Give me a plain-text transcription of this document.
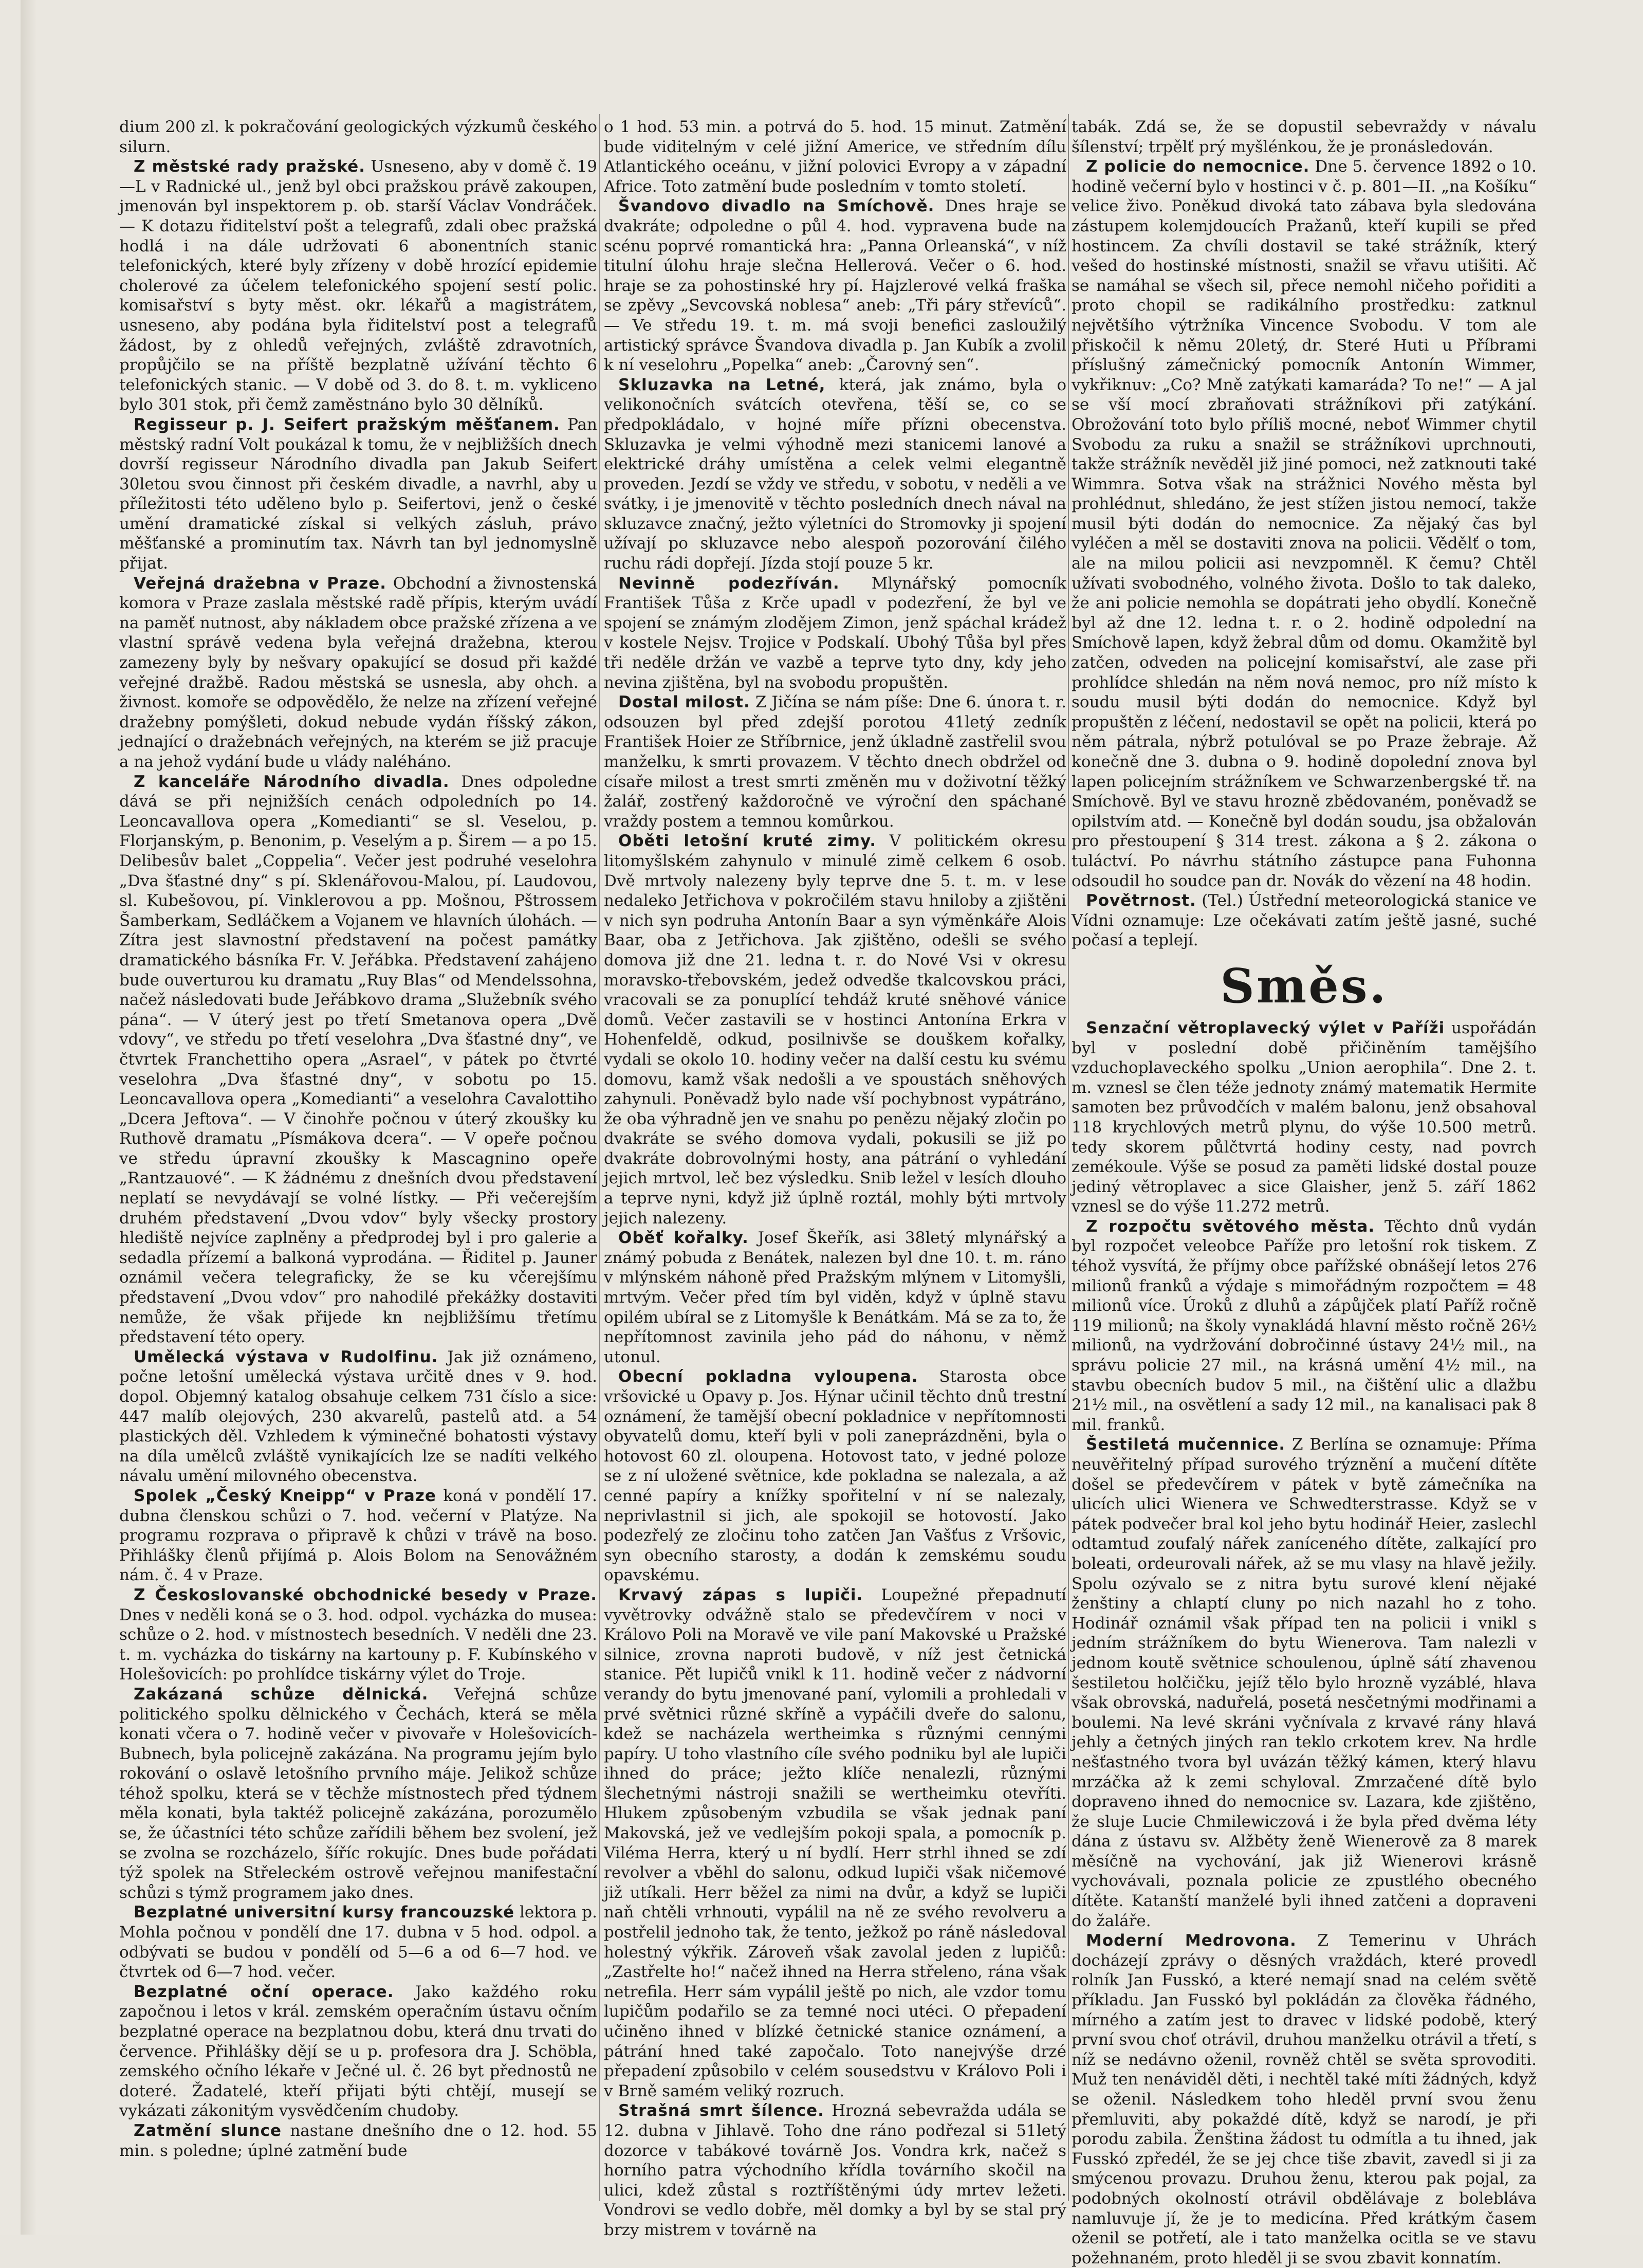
dium 200 zl. k pokračování geologických výzkumů českého silurn.

Z městské rady pražské. Usneseno, aby v domě č. 19—L v Radnické ul., jenž byl obci pražskou právě zakoupen, jmenován byl inspektorem p. ob. starší Václav Vondráček. — K dotazu řiditelství pošt a telegrafů, zdali obec pražská hodlá i na dále udržovati 6 abonentních stanic telefonických, které byly zřízeny v době hrozící epidemie cholerové za účelem telefonického spojení sestí polic. komisařství s byty měst. okr. lékařů a magistrátem, usneseno, aby podána byla řiditelství post a telegrafů žádost, by z ohledů veřejných, zvláště zdravotních, propůjčilo se na příště bezplatně užívání těchto 6 telefonických stanic. — V době od 3. do 8. t. m. vykliceno bylo 301 stok, při čemž zaměstnáno bylo 30 dělníků.

Regisseur p. J. Seifert pražským měšťanem. Pan městský radní Volt poukázal k tomu, že v nejbližších dnech dovrší regisseur Národního divadla pan Jakub Seifert 30letou svou činnost při českém divadle, a navrhl, aby u příležitosti této uděleno bylo p. Seifertovi, jenž o české umění dramatické získal si velkých zásluh, právo měšťanské a prominutím tax. Návrh tan byl jednomyslně přijat.

Veřejná dražebna v Praze. Obchodní a živnostenská komora v Praze zaslala městské radě přípis, kterým uvádí na paměť nutnost, aby nákladem obce pražské zřízena a ve vlastní správě vedena byla veřejná dražebna, kterou zamezeny byly by nešvary opakující se dosud při každé veřejné dražbě. Radou městská se usnesla, aby ohch. a živnost. komoře se odpovědělo, že nelze na zřízení veřejné dražebny pomýšleti, dokud nebude vydán říšský zákon, jednající o dražebnách veřejných, na kterém se již pracuje a na jehož vydání bude u vlády naléháno.

Z kanceláře Národního divadla. Dnes odpoledne dává se při nejnižších cenách odpoledních po 14. Leoncavallova opera „Komedianti“ se sl. Veselou, p. Florjanským, p. Benonim, p. Veselým a p. Širem — a po 15. Delibesův balet „Coppelia“. Večer jest podruhé veselohra „Dva šťastné dny“ s pí. Sklenářovou-Malou, pí. Laudovou, sl. Kubešovou, pí. Vinklerovou a pp. Mošnou, Pštrossem Šamberkam, Sedláčkem a Vojanem ve hlavních úlohách. — Zítra jest slavnostní představení na počest památky dramatického básníka Fr. V. Jeřábka. Představení zahájeno bude ouverturou ku dramatu „Ruy Blas“ od Mendelssohna, načež následovati bude Jeřábkovo drama „Služebník svého pána“. — V úterý jest po třetí Smetanova opera „Dvě vdovy“, ve středu po třetí veselohra „Dva šťastné dny“, ve čtvrtek Franchettiho opera „Asrael“, v pátek po čtvrté veselohra „Dva šťastné dny“, v sobotu po 15. Leoncavallova opera „Komedianti“ a veselohra Cavalottiho „Dcera Jeftova“. — V činohře počnou v úterý zkoušky ku Ruthově dramatu „Písmákova dcera“. — V opeře počnou ve středu úpravní zkoušky k Mascagnino opeře „Rantzauové“. — K žádnému z dnešních dvou představení neplatí se nevydávají se volné lístky. — Při večerejším druhém představení „Dvou vdov“ byly všecky prostory hlediště nejvíce zaplněny a předprodej byl i pro galerie a sedadla přízemí a balkoná vyprodána. — Řiditel p. Jauner oznámil večera telegraficky, že se ku včerejšímu představení „Dvou vdov“ pro nahodilé překážky dostaviti nemůže, že však přijede kn nejbližšímu třetímu představení této opery.

Umělecká výstava v Rudolfinu. Jak již oznámeno, počne letošní umělecká výstava určitě dnes v 9. hod. dopol. Objemný katalog obsahuje celkem 731 číslo a sice: 447 malíb olejových, 230 akvarelů, pastelů atd. a 54 plastických děl. Vzhledem k výminečné bohatosti výstavy na díla umělců zvláště vynikajících lze se nadíti velkého návalu umění milovného obecenstva.

Spolek „Český Kneipp“ v Praze koná v pondělí 17. dubna členskou schůzi o 7. hod. večerní v Platýze. Na programu rozprava o připravě k chůzi v trávě na boso. Přihlášky členů přijímá p. Alois Bolom na Senovážném nám. č. 4 v Praze.

Z Českoslovanské obchodnické besedy v Praze. Dnes v neděli koná se o 3. hod. odpol. vycházka do musea: schůze o 2. hod. v místnostech besedních. V neděli dne 23. t. m. vycházka do tiskárny na kartouny p. F. Kubínského v Holešovicích: po prohlídce tiskárny výlet do Troje.

Zakázaná schůze dělnická. Veřejná schůze politického spolku dělnického v Čechách, která se měla konati včera o 7. hodině večer v pivovaře v Holešovicích-Bubnech, byla policejně zakázána. Na programu jejím bylo rokování o oslavě letošního prvního máje. Jelikož schůze téhož spolku, která se v těchže místnostech před týdnem měla konati, byla taktéž policejně zakázána, porozumělo se, že účastníci této schůze zařídili během bez svolení, jež se zvolna se rozcházelo, šíříc rokujíc. Dnes bude pořádati týž spolek na Střeleckém ostrově veřejnou manifestační schůzi s týmž programem jako dnes.

Bezplatné universitní kursy francouzské lektora p. Mohla počnou v pondělí dne 17. dubna v 5 hod. odpol. a odbývati se budou v pondělí od 5—6 a od 6—7 hod. ve čtvrtek od 6—7 hod. večer.

Bezplatné oční operace. Jako každého roku započnou i letos v král. zemském operačním ústavu očním bezplatné operace na bezplatnou dobu, která dnu trvati do července. Přihlášky dějí se u p. profesora dra J. Schöbla, zemského očního lékaře v Ječné ul. č. 26 byt přednostů ne doteré. Žadatelé, kteří přijati býti chtějí, musejí se vykázati zákonitým vysvědčením chudoby.

Zatmění slunce nastane dnešního dne o 12. hod. 55 min. s poledne; úplné zatmění bude

o 1 hod. 53 min. a potrvá do 5. hod. 15 minut. Zatmění bude viditelným v celé jižní Americe, ve středním dílu Atlantického oceánu, v jižní polovici Evropy a v západní Africe. Toto zatmění bude posledním v tomto století.

Švandovo divadlo na Smíchově. Dnes hraje se dvakráte; odpoledne o půl 4. hod. vypravena bude na scénu poprvé romantická hra: „Panna Orleanská“, v níž titulní úlohu hraje slečna Hellerová. Večer o 6. hod. hraje se za pohostinské hry pí. Hajzlerové velká fraška se zpěvy „Sevcovská noblesa“ aneb: „Tři páry střevíců“. — Ve středu 19. t. m. má svoji benefici zasloužilý artistický správce Švandova divadla p. Jan Kubík a zvolil k ní veselohru „Popelka“ aneb: „Čarovný sen“.

Skluzavka na Letné, která, jak známo, byla o velikonočních svátcích otevřena, těší se, co se předpokládalo, v hojné míře přízni obecenstva. Skluzavka je velmi výhodně mezi stanicemi lanové a elektrické dráhy umístěna a celek velmi elegantně proveden. Jezdí se vždy ve středu, v sobotu, v neděli a ve svátky, i je jmenovitě v těchto posledních dnech nával na skluzavce značný, ježto výletníci do Stromovky ji spojení užívají po skluzavce nebo alespoň pozorování čilého ruchu rádi dopřejí. Jízda stojí pouze 5 kr.

Nevinně podezříván. Mlynářský pomocník František Tůša z Krče upadl v podezření, že byl ve spojení se známým zlodějem Zimon, jenž spáchal krádež v kostele Nejsv. Trojice v Podskalí. Ubohý Tůša byl přes tři neděle držán ve vazbě a teprve tyto dny, kdy jeho nevina zjištěna, byl na svobodu propuštěn.

Dostal milost. Z Jičína se nám píše: Dne 6. února t. r. odsouzen byl před zdejší porotou 41letý zedník František Hoier ze Stříbrnice, jenž úkladně zastřelil svou manželku, k smrti provazem. V těchto dnech obdržel od císaře milost a trest smrti změněn mu v doživotní těžký žalář, zostřený každoročně ve výroční den spáchané vraždy postem a temnou komůrkou.

Oběti letošní kruté zimy. V politickém okresu litomyšlském zahynulo v minulé zimě celkem 6 osob. Dvě mrtvoly nalezeny byly teprve dne 5. t. m. v lese nedaleko Jetřichova v pokročilém stavu hniloby a zjištěni v nich syn podruha Antonín Baar a syn výměnkáře Alois Baar, oba z Jetřichova. Jak zjištěno, odešli se svého domova již dne 21. ledna t. r. do Nové Vsi v okresu moravsko-třebovském, jedež odvedše tkalcovskou práci, vracovali se za ponuplící tehdáž kruté sněhové vánice domů. Večer zastavili se v hostinci Antonína Erkra v Hohenfeldě, odkud, posilnivše se douškem kořalky, vydali se okolo 10. hodiny večer na další cestu ku svému domovu, kamž však nedošli a ve spoustách sněhových zahynuli. Poněvadž bylo nade vší pochybnost vypátráno, že oba výhradně jen ve snahu po penězu nějaký zločin po dvakráte se svého domova vydali, pokusili se již po dvakráte dobrovolnými hosty, ana pátrání o vyhledání jejich mrtvol, leč bez výsledku. Snib ležel v lesích dlouho a teprve nyni, když již úplně roztál, mohly býti mrtvoly jejich nalezeny.

Oběť kořalky. Josef Škeřík, asi 38letý mlynářský a známý pobuda z Benátek, nalezen byl dne 10. t. m. ráno v mlýnském náhoně před Pražským mlýnem v Litomyšli, mrtvým. Večer před tím byl viděn, když v úplně stavu opilém ubíral se z Litomyšle k Benátkám. Má se za to, že nepřítomnost zavinila jeho pád do náhonu, v němž utonul.

Obecní pokladna vyloupena. Starosta obce vršovické u Opavy p. Jos. Hýnar učinil těchto dnů trestní oznámení, že tamější obecní pokladnice v nepřítomnosti obyvatelů domu, kteří byli v poli zaneprázdněni, byla o hotovost 60 zl. oloupena. Hotovost tato, v jedné poloze se z ní uložené světnice, kde pokladna se nalezala, a až cenné papíry a knížky spořitelní v ní se nalezaly, neprivlastnil si jich, ale spokojil se hotovostí. Jako podezřelý ze zločinu toho zatčen Jan Vašťus z Vršovic, syn obecního starosty, a dodán k zemskému soudu opavskému.

Krvavý zápas s lupiči. Loupežné přepadnutí vyvětrovky odvážně stalo se předevčírem v noci v Královo Poli na Moravě ve vile paní Makovské u Pražské silnice, zrovna naproti budově, v níž jest četnická stanice. Pět lupičů vnikl k 11. hodině večer z nádvorní verandy do bytu jmenované paní, vylomili a prohledali v prvé světnici různé skříně a vypáčili dveře do salonu, kdež se nacházela wertheimka s různými cennými papíry. U toho vlastního cíle svého podniku byl ale lupiči ihned do práce; ježto klíče nenalezli, různými šlechetnými nástroji snažili se wertheimku otevříti. Hlukem způsobeným vzbudila se však jednak paní Makovská, jež ve vedlejším pokoji spala, a pomocník p. Viléma Herra, který u ní bydlí. Herr strhl ihned se zdí revolver a vběhl do salonu, odkud lupiči však ničemové již utíkali. Herr běžel za nimi na dvůr, a když se lupiči naň chtěli vrhnouti, vypálil na ně ze svého revolveru a postřelil jednoho tak, že tento, ježkož po ráně následoval holestný výkřik. Zároveň však zavolal jeden z lupičů: „Zastřelte ho!“ načež ihned na Herra střeleno, rána však netrefila. Herr sám vypálil ještě po nich, ale vzdor tomu lupičům podařilo se za temné noci utéci. O přepadení učiněno ihned v blízké četnické stanice oznámení, a pátrání hned také započalo. Toto nanejvýše drzé přepadení způsobilo v celém sousedstvu v Královo Poli i v Brně samém veliký rozruch.

Strašná smrt šílence. Hrozná sebevražda udála se 12. dubna v Jihlavě. Toho dne ráno podřezal si 51letý dozorce v tabákové továrně Jos. Vondra krk, načež s horního patra východního křídla továrního skočil na ulici, kdež zůstal s roztříštěnými údy mrtev ležeti. Vondrovi se vedlo dobře, měl domky a byl by se stal prý brzy mistrem v továrně na

tabák. Zdá se, že se dopustil sebevraždy v návalu šílenství; trpělť prý myšlénkou, že je pronásledován.

Z policie do nemocnice. Dne 5. července 1892 o 10. hodině večerní bylo v hostinci v č. p. 801—II. „na Košíku“ velice živo. Poněkud divoká tato zábava byla sledována zástupem kolemjdoucích Pražanů, kteří kupili se před hostincem. Za chvíli dostavil se také strážník, který vešed do hostinské místnosti, snažil se vřavu utišiti. Ač se namáhal se všech sil, přece nemohl ničeho pořiditi a proto chopil se radikálního prostředku: zatknul největšího výtržníka Vincence Svobodu. V tom ale přiskočil k němu 20letý, dr. Steré Huti u Příbrami příslušný zámečnický pomocník Antonín Wimmer, vykřiknuv: „Co? Mně zatýkati kamaráda? To ne!“ — A jal se vší mocí zbraňovati strážníkovi při zatýkání. Obrožování toto bylo příliš mocné, neboť Wimmer chytil Svobodu za ruku a snažil se strážníkovi uprchnouti, takže strážník nevěděl již jiné pomoci, než zatknouti také Wimmra. Sotva však na strážnici Nového města byl prohlédnut, shledáno, že jest stížen jistou nemocí, takže musil býti dodán do nemocnice. Za nějaký čas byl vyléčen a měl se dostaviti znova na policii. Vědělť o tom, ale na milou policii asi nevzpomněl. K čemu? Chtěl užívati svobodného, volného života. Došlo to tak daleko, že ani policie nemohla se dopátrati jeho obydlí. Konečně byl až dne 12. ledna t. r. o 2. hodině odpolední na Smíchově lapen, když žebral dům od domu. Okamžitě byl zatčen, odveden na policejní komisařství, ale zase při prohlídce shledán na něm nová nemoc, pro níž místo k soudu musil býti dodán do nemocnice. Když byl propuštěn z léčení, nedostavil se opět na policii, která po něm pátrala, nýbrž potulóval se po Praze žebraje. Až konečně dne 3. dubna o 9. hodině dopolední znova byl lapen policejním strážníkem ve Schwarzenbergské tř. na Smíchově. Byl ve stavu hrozně zbědovaném, poněvadž se opilstvím atd. — Konečně byl dodán soudu, jsa obžalován pro přestoupení § 314 trest. zákona a § 2. zákona o tuláctví. Po návrhu státního zástupce pana Fuhonna odsoudil ho soudce pan dr. Novák do vězení na 48 hodin.

Povětrnost. (Tel.) Ústřední meteorologická stanice ve Vídni oznamuje: Lze očekávati zatím ještě jasné, suché počasí a teplejí.

Směs.

Senzační větroplavecký výlet v Paříži uspořádán byl v poslední době přičiněním tamějšího vzduchoplaveckého spolku „Union aerophila“. Dne 2. t. m. vznesl se člen téže jednoty známý matematik Hermite samoten bez průvodčích v malém balonu, jenž obsahoval 118 krychlových metrů plynu, do výše 10.500 metrů. tedy skorem půlčtvrtá hodiny cesty, nad povrch zemékoule. Výše se posud za paměti lidské dostal pouze jediný větroplavec a sice Glaisher, jenž 5. září 1862 vznesl se do výše 11.272 metrů.

Z rozpočtu světového města. Těchto dnů vydán byl rozpočet veleobce Paříže pro letošní rok tiskem. Z téhož vysvítá, že příjmy obce pařížské obnášejí letos 276 milionů franků a výdaje s mimořádným rozpočtem = 48 milionů více. Úroků z dluhů a zápůjček platí Paříž ročně 119 milionů; na školy vynakládá hlavní město ročně 26½ milionů, na vydržování dobročinné ústavy 24½ mil., na správu policie 27 mil., na krásná umění 4½ mil., na stavbu obecních budov 5 mil., na čištění ulic a dlažbu 21½ mil., na osvětlení a sady 12 mil., na kanalisaci pak 8 mil. franků.

Šestiletá mučennice. Z Berlína se oznamuje: Příma neuvěřitelný případ surového trýznění a mučení dítěte došel se předevčírem v pátek v bytě zámečníka na ulicích ulici Wienera ve Schwedterstrasse. Když se v pátek podvečer bral kol jeho bytu hodinář Heier, zaslechl odtamtud zoufalý nářek zaníceného dítěte, zalkající pro boleati, ordeurovali nářek, až se mu vlasy na hlavě ježily. Spolu ozývalo se z nitra bytu surové klení nějaké ženštiny a chlaptí cluny po nich nazahl ho z toho. Hodinář oznámil však případ ten na policii i vnikl s jedním strážníkem do bytu Wienerova. Tam nalezli v jednom koutě světnice schoulenou, úplně sátí zhavenou šestiletou holčičku, jejíž tělo bylo hrozně vyzáblé, hlava však obrovská, naduřelá, posetá nesčetnými modřinami a boulemi. Na levé skráni vyčnívala z krvavé rány hlavá jehly a četných jiných ran teklo crkotem krev. Na hrdle nešťastného tvora byl uvázán těžký kámen, který hlavu mrzáčka až k zemi schyloval. Zmrzačené dítě bylo dopraveno ihned do nemocnice sv. Lazara, kde zjištěno, že sluje Lucie Chmilewiczová i že byla před dvěma léty dána z ústavu sv. Alžběty ženě Wienerově za 8 marek měsíčně na vychování, jak již Wienerovi krásně vychovávali, poznala policie ze zpustlého obecného dítěte. Katanští manželé byli ihned zatčeni a dopraveni do žaláře.

Moderní Medrovona. Z Temerinu v Uhrách docházejí zprávy o děsných vraždách, které provedl rolník Jan Fusskó, a které nemají snad na celém světě příkladu. Jan Fusskó byl pokládán za člověka řádného, mírného a zatím jest to dravec v lidské podobě, který první svou choť otrávil, druhou manželku otrávil a třetí, s níž se nedávno oženil, rovněž chtěl se světa sprovoditi. Muž ten nenáviděl děti, i nechtěl také míti žádných, když se oženil. Následkem toho hleděl první svou ženu přemluviti, aby pokaždé dítě, když se narodí, je při porodu zabila. Ženština žádost tu odmítla a tu ihned, jak Fusskó zpředél, že se jej chce tiše zbavit, zavedl si ji za smýcenou provazu. Druhou ženu, kterou pak pojal, za podobných okolností otrávil obdělávaje z bolebláva namluvuje jí, že je to medicína. Před krátkým časem oženil se potřetí, ale i tato manželka ocitla se ve stavu požehnaném, proto hleděl ji se svou zbavit konnatím.
